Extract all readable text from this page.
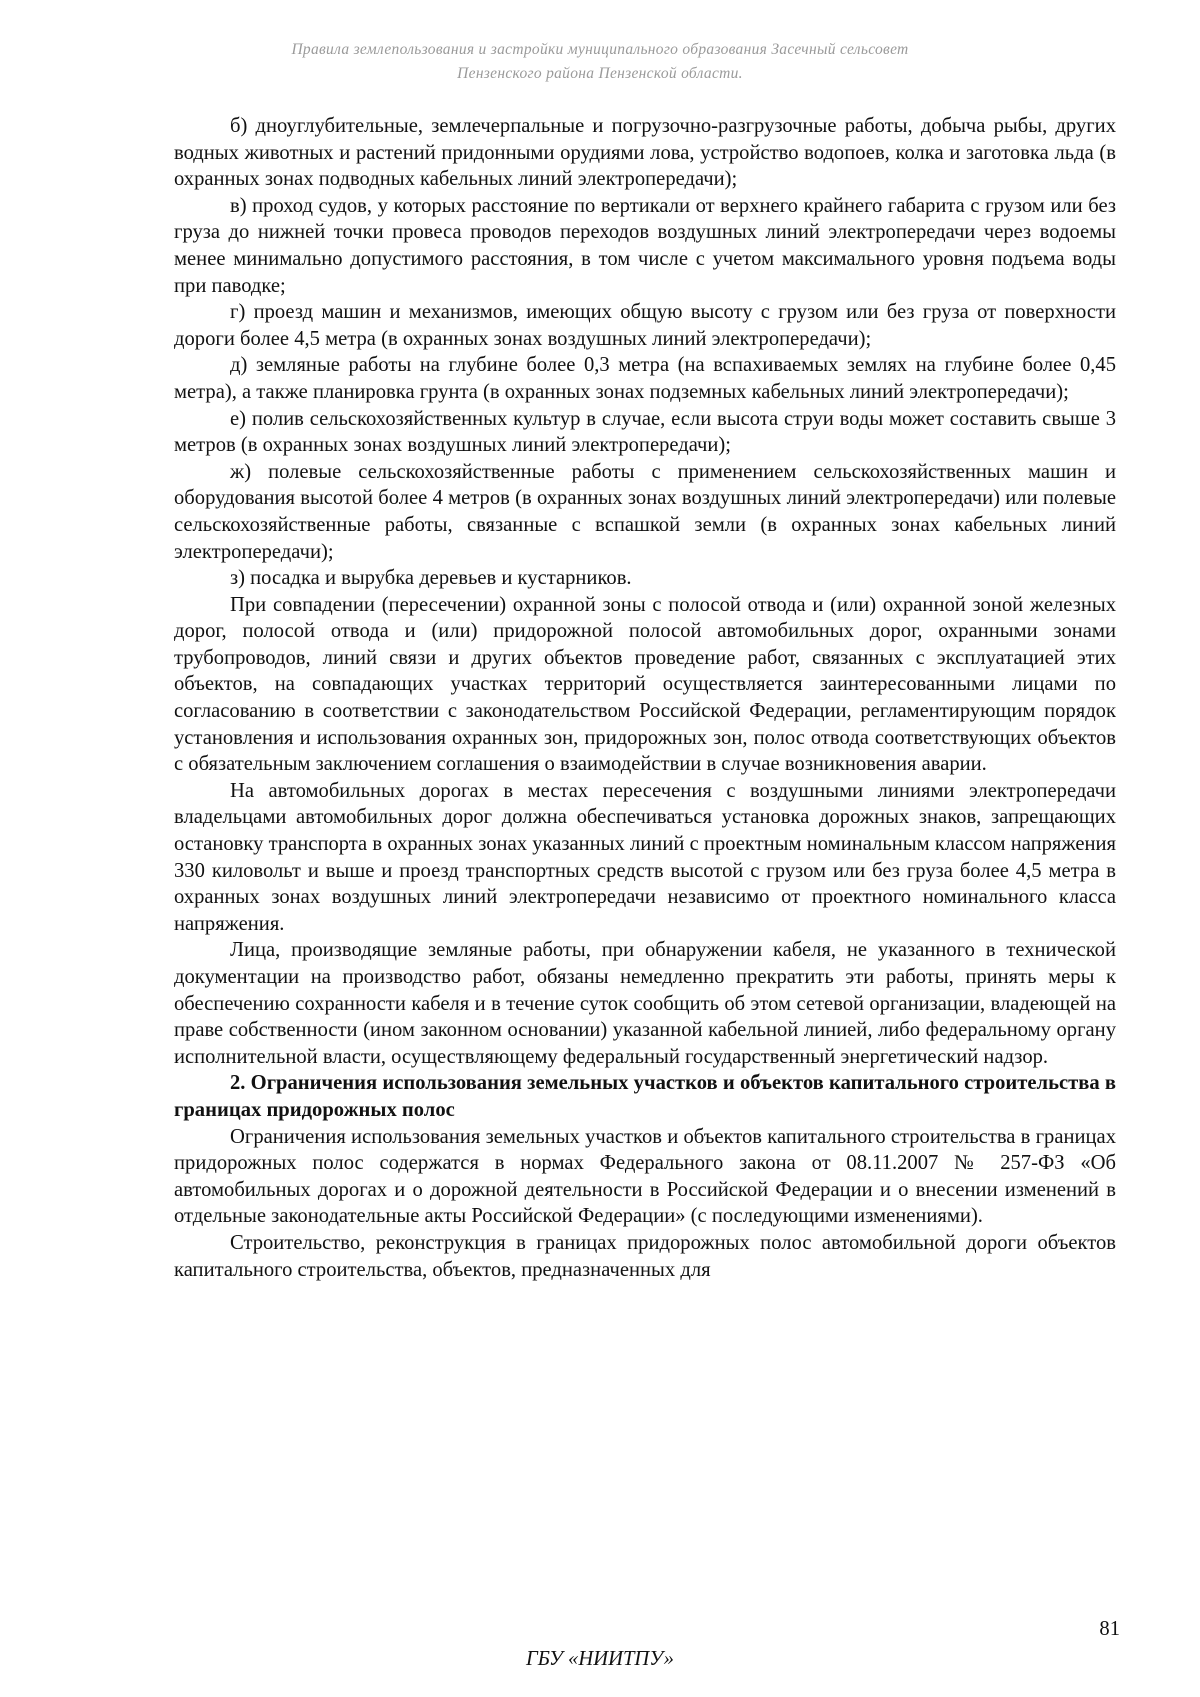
Правила землепользования и застройки муниципального образования Засечный сельсовет
Пензенского района Пензенской области.

б) дноуглубительные, землечерпальные и погрузочно-разгрузочные работы, добыча рыбы, других водных животных и растений придонными орудиями лова, устройство водопоев, колка и заготовка льда (в охранных зонах подводных кабельных линий электропередачи);

в) проход судов, у которых расстояние по вертикали от верхнего крайнего габарита с грузом или без груза до нижней точки провеса проводов переходов воздушных линий электропередачи через водоемы менее минимально допустимого расстояния, в том числе с учетом максимального уровня подъема воды при паводке;

г) проезд машин и механизмов, имеющих общую высоту с грузом или без груза от поверхности дороги более 4,5 метра (в охранных зонах воздушных линий электропередачи);

д) земляные работы на глубине более 0,3 метра (на вспахиваемых землях на глубине более 0,45 метра), а также планировка грунта (в охранных зонах подземных кабельных линий электропередачи);

е) полив сельскохозяйственных культур в случае, если высота струи воды может составить свыше 3 метров (в охранных зонах воздушных линий электропередачи);

ж) полевые сельскохозяйственные работы с применением сельскохозяйственных машин и оборудования высотой более 4 метров (в охранных зонах воздушных линий электропередачи) или полевые сельскохозяйственные работы, связанные с вспашкой земли (в охранных зонах кабельных линий электропередачи);

з) посадка и вырубка деревьев и кустарников.

При совпадении (пересечении) охранной зоны с полосой отвода и (или) охранной зоной железных дорог, полосой отвода и (или) придорожной полосой автомобильных дорог, охранными зонами трубопроводов, линий связи и других объектов проведение работ, связанных с эксплуатацией этих объектов, на совпадающих участках территорий осуществляется заинтересованными лицами по согласованию в соответствии с законодательством Российской Федерации, регламентирующим порядок установления и использования охранных зон, придорожных зон, полос отвода соответствующих объектов с обязательным заключением соглашения о взаимодействии в случае возникновения аварии.

На автомобильных дорогах в местах пересечения с воздушными линиями электропередачи владельцами автомобильных дорог должна обеспечиваться установка дорожных знаков, запрещающих остановку транспорта в охранных зонах указанных линий с проектным номинальным классом напряжения 330 киловольт и выше и проезд транспортных средств высотой с грузом или без груза более 4,5 метра в охранных зонах воздушных линий электропередачи независимо от проектного номинального класса напряжения.

Лица, производящие земляные работы, при обнаружении кабеля, не указанного в технической документации на производство работ, обязаны немедленно прекратить эти работы, принять меры к обеспечению сохранности кабеля и в течение суток сообщить об этом сетевой организации, владеющей на праве собственности (ином законном основании) указанной кабельной линией, либо федеральному органу исполнительной власти, осуществляющему федеральный государственный энергетический надзор.

2. Ограничения использования земельных участков и объектов капитального строительства в границах придорожных полос

Ограничения использования земельных участков и объектов капитального строительства в границах придорожных полос содержатся в нормах Федерального закона от 08.11.2007 № 257-ФЗ «Об автомобильных дорогах и о дорожной деятельности в Российской Федерации и о внесении изменений в отдельные законодательные акты Российской Федерации» (с последующими изменениями).

Строительство, реконструкция в границах придорожных полос автомобильной дороги объектов капитального строительства, объектов, предназначенных для

81
ГБУ «НИИТПУ»
